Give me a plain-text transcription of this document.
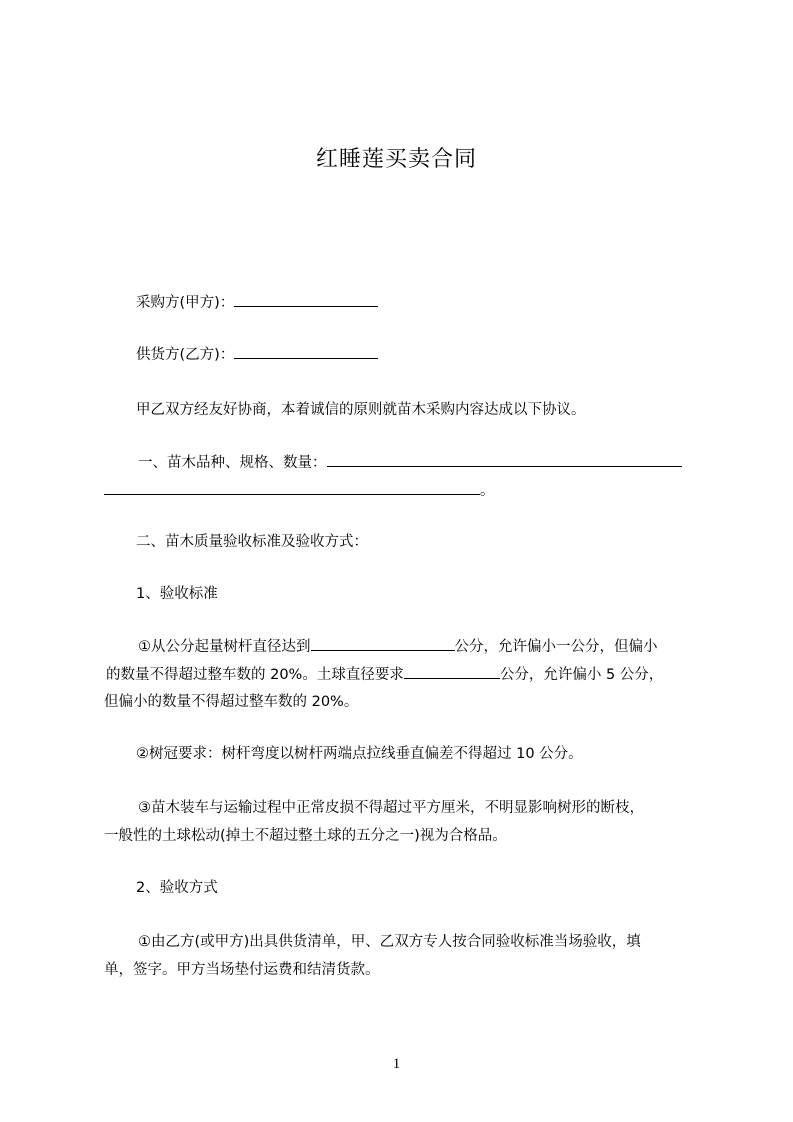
红睡莲买卖合同
采购方(甲方)：
供货方(乙方)：
甲乙双方经友好协商，本着诚信的原则就苗木采购内容达成以下协议。
一、苗木品种、规格、数量：
。
二、苗木质量验收标准及验收方式：
1、验收标准
①从公分起量树杆直径达到	公分，允许偏小一公分，但偏小
的数量不得超过整车数的 20%。土球直径要求	公分，允许偏小 5 公分，
但偏小的数量不得超过整车数的 20%。
②树冠要求：树杆弯度以树杆两端点拉线垂直偏差不得超过 10 公分。
③苗木装车与运输过程中正常皮损不得超过平方厘米，不明显影响树形的断枝，
一般性的土球松动(掉土不超过整土球的五分之一)视为合格品。
2、验收方式
①由乙方(或甲方)出具供货清单，甲、乙双方专人按合同验收标准当场验收，填
单，签字。甲方当场垫付运费和结清货款。
1
